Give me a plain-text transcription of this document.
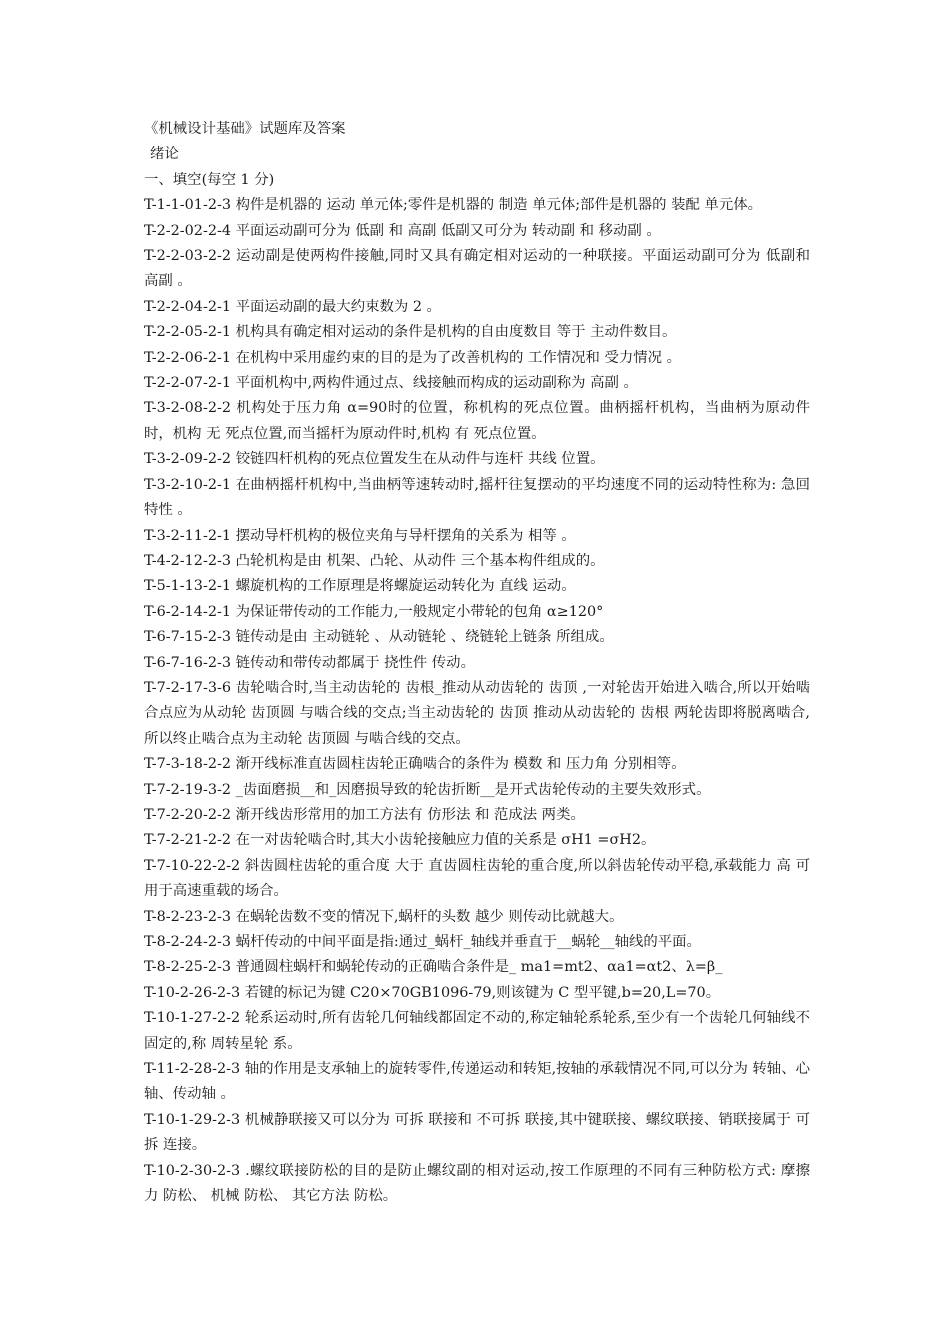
《机械设计基础》试题库及答案

绪论

一、填空(每空 1 分)

T-1-1-01-2-3 构件是机器的 运动 单元体;零件是机器的 制造 单元体;部件是机器的 装配 单元体。

T-2-2-02-2-4 平面运动副可分为 低副 和 高副 低副又可分为 转动副 和 移动副 。

T-2-2-03-2-2 运动副是使两构件接触,同时又具有确定相对运动的一种联接。平面运动副可分为 低副和 高副 。

T-2-2-04-2-1 平面运动副的最大约束数为 2 。

T-2-2-05-2-1 机构具有确定相对运动的条件是机构的自由度数目 等于 主动件数目。

T-2-2-06-2-1 在机构中采用虚约束的目的是为了改善机构的 工作情况和 受力情况 。

T-2-2-07-2-1 平面机构中,两构件通过点、线接触而构成的运动副称为 高副 。

T-3-2-08-2-2 机构处于压力角 α=90时的位置，称机构的死点位置。曲柄摇杆机构，当曲柄为原动件时，机构 无 死点位置,而当摇杆为原动件时,机构 有 死点位置。

T-3-2-09-2-2 铰链四杆机构的死点位置发生在从动件与连杆 共线 位置。

T-3-2-10-2-1 在曲柄摇杆机构中,当曲柄等速转动时,摇杆往复摆动的平均速度不同的运动特性称为: 急回特性 。

T-3-2-11-2-1 摆动导杆机构的极位夹角与导杆摆角的关系为 相等 。

T-4-2-12-2-3 凸轮机构是由 机架、凸轮、从动件 三个基本构件组成的。

T-5-1-13-2-1 螺旋机构的工作原理是将螺旋运动转化为 直线 运动。

T-6-2-14-2-1 为保证带传动的工作能力,一般规定小带轮的包角 α≥120°

T-6-7-15-2-3 链传动是由 主动链轮 、从动链轮 、绕链轮上链条 所组成。

T-6-7-16-2-3 链传动和带传动都属于 挠性件 传动。

T-7-2-17-3-6 齿轮啮合时,当主动齿轮的 齿根_推动从动齿轮的 齿顶 ,一对轮齿开始进入啮合,所以开始啮合点应为从动轮 齿顶圆 与啮合线的交点;当主动齿轮的 齿顶 推动从动齿轮的 齿根 两轮齿即将脱离啮合,所以终止啮合点为主动轮 齿顶圆 与啮合线的交点。

T-7-3-18-2-2 渐开线标准直齿圆柱齿轮正确啮合的条件为 模数 和 压力角 分别相等。

T-7-2-19-3-2 _齿面磨损__和_因磨损导致的轮齿折断__是开式齿轮传动的主要失效形式。

T-7-2-20-2-2 渐开线齿形常用的加工方法有 仿形法 和 范成法 两类。

T-7-2-21-2-2 在一对齿轮啮合时,其大小齿轮接触应力值的关系是 σH1 =σH2。

T-7-10-22-2-2 斜齿圆柱齿轮的重合度 大于 直齿圆柱齿轮的重合度,所以斜齿轮传动平稳,承载能力 高 可用于高速重载的场合。

T-8-2-23-2-3 在蜗轮齿数不变的情况下,蜗杆的头数 越少 则传动比就越大。

T-8-2-24-2-3 蜗杆传动的中间平面是指:通过_蜗杆_轴线并垂直于__蜗轮__轴线的平面。

T-8-2-25-2-3 普通圆柱蜗杆和蜗轮传动的正确啮合条件是_ ma1=mt2、αa1=αt2、λ=β_

T-10-2-26-2-3 若键的标记为键 C20×70GB1096-79,则该键为 C 型平键,b=20,L=70。

T-10-1-27-2-2 轮系运动时,所有齿轮几何轴线都固定不动的,称定轴轮系轮系,至少有一个齿轮几何轴线不固定的,称 周转星轮 系。

T-11-2-28-2-3 轴的作用是支承轴上的旋转零件,传递运动和转矩,按轴的承载情况不同,可以分为 转轴、心轴、传动轴 。

T-10-1-29-2-3 机械静联接又可以分为 可拆 联接和 不可拆 联接,其中键联接、螺纹联接、销联接属于 可拆 连接。

T-10-2-30-2-3 .螺纹联接防松的目的是防止螺纹副的相对运动,按工作原理的不同有三种防松方式: 摩擦力 防松、 机械 防松、 其它方法 防松。
